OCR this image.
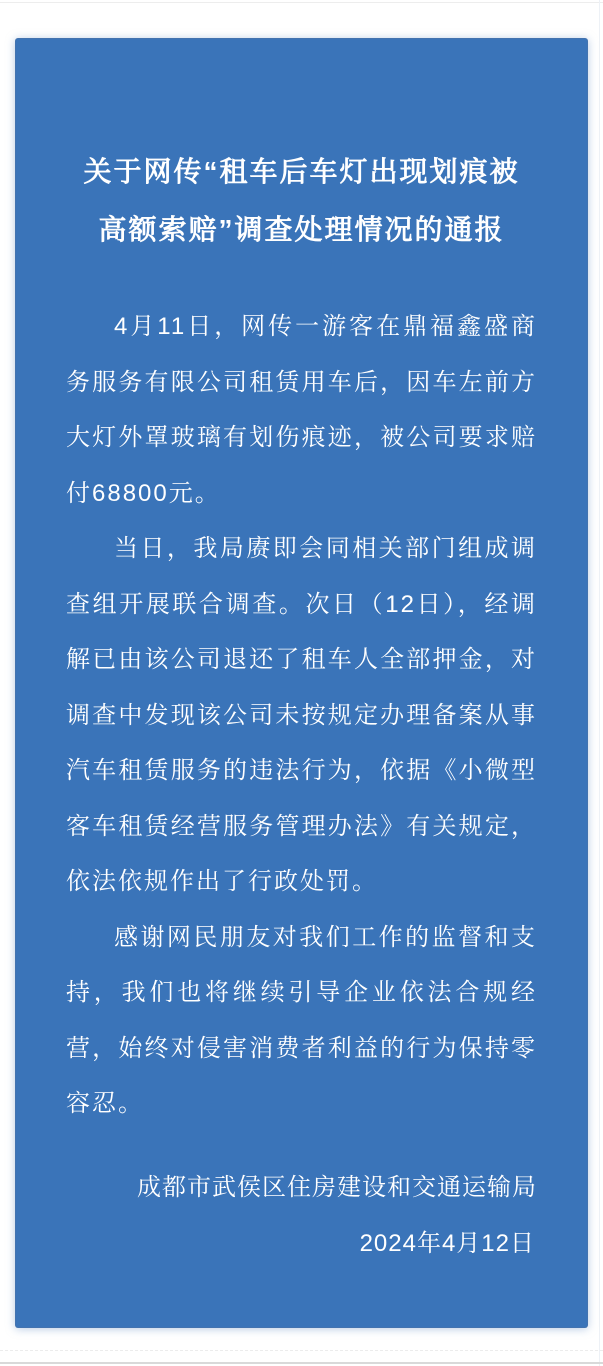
关于网传“租车后车灯出现划痕被
高额索赔”调查处理情况的通报

4月11日，网传一游客在鼎福鑫盛商务服务有限公司租赁用车后，因车左前方大灯外罩玻璃有划伤痕迹，被公司要求赔付68800元。

当日，我局赓即会同相关部门组成调查组开展联合调查。次日（12日），经调解已由该公司退还了租车人全部押金，对调查中发现该公司未按规定办理备案从事汽车租赁服务的违法行为，依据《小微型客车租赁经营服务管理办法》有关规定，依法依规作出了行政处罚。

感谢网民朋友对我们工作的监督和支持，我们也将继续引导企业依法合规经营，始终对侵害消费者利益的行为保持零容忍。

成都市武侯区住房建设和交通运输局
2024年4月12日
